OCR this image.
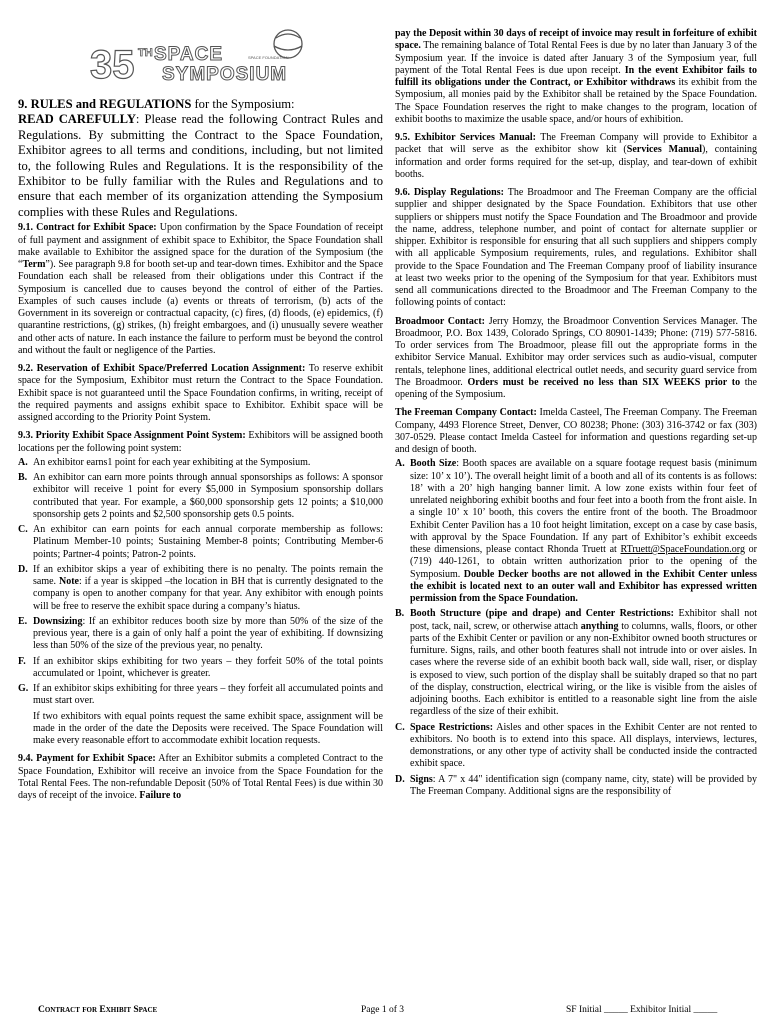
35 TH SPACE
SYMPOSIUM
SPACE FOUNDATION

9. RULES and REGULATIONS for the Symposium:
READ CAREFULLY: Please read the following Contract Rules and Regulations. By submitting the Contract to the Space Foundation, Exhibitor agrees to all terms and conditions, including, but not limited to, the following Rules and Regulations. It is the responsibility of the Exhibitor to be fully familiar with the Rules and Regulations and to ensure that each member of its organization attending the Symposium complies with these Rules and Regulations.

9.1. Contract for Exhibit Space: Upon confirmation by the Space Foundation of receipt of full payment and assignment of exhibit space to Exhibitor, the Space Foundation shall make available to Exhibitor the assigned space for the duration of the Symposium (the “Term”). See paragraph 9.8 for booth set-up and tear-down times. Exhibitor and the Space Foundation each shall be released from their obligations under this Contract if the Symposium is cancelled due to causes beyond the control of either of the Parties. Examples of such causes include (a) events or threats of terrorism, (b) acts of the Government in its sovereign or contractual capacity, (c) fires, (d) floods, (e) epidemics, (f) quarantine restrictions, (g) strikes, (h) freight embargoes, and (i) unusually severe weather and other acts of nature. In each instance the failure to perform must be beyond the control and without the fault or negligence of the Parties.

9.2. Reservation of Exhibit Space/Preferred Location Assignment: To reserve exhibit space for the Symposium, Exhibitor must return the Contract to the Space Foundation. Exhibit space is not guaranteed until the Space Foundation confirms, in writing, receipt of the required payments and assigns exhibit space to Exhibitor. Exhibit space will be assigned according to the Priority Point System.

9.3. Priority Exhibit Space Assignment Point System: Exhibitors will be assigned booth locations per the following point system:

A. An exhibitor earns1 point for each year exhibiting at the Symposium.
B. An exhibitor can earn more points through annual sponsorships as follows: A sponsor exhibitor will receive 1 point for every $5,000 in Symposium sponsorship dollars contributed that year. For example, a $60,000 sponsorship gets 12 points; a $10,000 sponsorship gets 2 points and $2,500 sponsorship gets 0.5 points.
C. An exhibitor can earn points for each annual corporate membership as follows: Platinum Member-10 points; Sustaining Member-8 points; Contributing Member-6 points; Partner-4 points; Patron-2 points.
D. If an exhibitor skips a year of exhibiting there is no penalty. The points remain the same. Note: if a year is skipped –the location in BH that is currently designated to the company is open to another company for that year. Any exhibitor with enough points will be free to reserve the exhibit space during a company’s hiatus.
E. Downsizing: If an exhibitor reduces booth size by more than 50% of the size of the previous year, there is a gain of only half a point the year of exhibiting. If downsizing less than 50% of the size of the previous year, no penalty.
F. If an exhibitor skips exhibiting for two years – they forfeit 50% of the total points accumulated or 1point, whichever is greater.
G. If an exhibitor skips exhibiting for three years – they forfeit all accumulated points and must start over.

If two exhibitors with equal points request the same exhibit space, assignment will be made in the order of the date the Deposits were received. The Space Foundation will make every reasonable effort to accommodate exhibit location requests.

9.4. Payment for Exhibit Space: After an Exhibitor submits a completed Contract to the Space Foundation, Exhibitor will receive an invoice from the Space Foundation for the Total Rental Fees. The non-refundable Deposit (50% of Total Rental Fees) is due within 30 days of receipt of the invoice. Failure to

pay the Deposit within 30 days of receipt of invoice may result in forfeiture of exhibit space. The remaining balance of Total Rental Fees is due by no later than January 3 of the Symposium year. If the invoice is dated after January 3 of the Symposium year, full payment of the Total Rental Fees is due upon receipt. In the event Exhibitor fails to fulfill its obligations under the Contract, or Exhibitor withdraws its exhibit from the Symposium, all monies paid by the Exhibitor shall be retained by the Space Foundation. The Space Foundation reserves the right to make changes to the program, location of exhibit booths to maximize the usable space, and/or hours of exhibition.

9.5. Exhibitor Services Manual: The Freeman Company will provide to Exhibitor a packet that will serve as the exhibitor show kit (Services Manual), containing information and order forms required for the set-up, display, and tear-down of exhibit booths.

9.6. Display Regulations: The Broadmoor and The Freeman Company are the official supplier and shipper designated by the Space Foundation. Exhibitors that use other suppliers or shippers must notify the Space Foundation and The Broadmoor and provide the name, address, telephone number, and point of contact for alternate supplier or shipper. Exhibitor is responsible for ensuring that all such suppliers and shippers comply with all applicable Symposium requirements, rules, and regulations. Exhibitor shall provide to the Space Foundation and The Freeman Company proof of liability insurance at least two weeks prior to the opening of the Symposium for that year. Exhibitors must send all communications directed to the Broadmoor and The Freeman Company to the following points of contact:

Broadmoor Contact: Jerry Homzy, the Broadmoor Convention Services Manager. The Broadmoor, P.O. Box 1439, Colorado Springs, CO 80901-1439; Phone: (719) 577-5816. To order services from The Broadmoor, please fill out the appropriate forms in the exhibitor Service Manual. Exhibitor may order services such as audio-visual, computer rentals, telephone lines, additional electrical outlet needs, and security guard service from The Broadmoor. Orders must be received no less than SIX WEEKS prior to the opening of the Symposium.

The Freeman Company Contact: Imelda Casteel, The Freeman Company. The Freeman Company, 4493 Florence Street, Denver, CO 80238; Phone: (303) 316-3742 or fax (303) 307-0529. Please contact Imelda Casteel for information and questions regarding set-up and design of booth.

A. Booth Size: Booth spaces are available on a square footage request basis (minimum size: 10’ x 10’). The overall height limit of a booth and all of its contents is as follows: 18’ with a 20’ high hanging banner limit. A low zone exists within four feet of unrelated neighboring exhibit booths and four feet into a booth from the front aisle. In a single 10’ x 10’ booth, this covers the entire front of the booth. The Broadmoor Exhibit Center Pavilion has a 10 foot height limitation, except on a case by case basis, with approval by the Space Foundation. If any part of Exhibitor’s exhibit exceeds these dimensions, please contact Rhonda Truett at RTruett@SpaceFoundation.org or (719) 440-1261, to obtain written authorization prior to the opening of the Symposium. Double Decker booths are not allowed in the Exhibit Center unless the exhibit is located next to an outer wall and Exhibitor has expressed written permission from the Space Foundation.
B. Booth Structure (pipe and drape) and Center Restrictions: Exhibitor shall not post, tack, nail, screw, or otherwise attach anything to columns, walls, floors, or other parts of the Exhibit Center or pavilion or any non-Exhibitor owned booth structures or furniture. Signs, rails, and other booth features shall not intrude into or over aisles. In cases where the reverse side of an exhibit booth back wall, side wall, riser, or display is exposed to view, such portion of the display shall be suitably draped so that no part of the display, construction, electrical wiring, or the like is visible from the aisles of adjoining booths. Each exhibitor is entitled to a reasonable sight line from the aisle regardless of the size of their exhibit.
C. Space Restrictions: Aisles and other spaces in the Exhibit Center are not rented to exhibitors. No booth is to extend into this space. All displays, interviews, lectures, demonstrations, or any other type of activity shall be conducted inside the contracted exhibit space.
D. Signs: A 7" x 44" identification sign (company name, city, state) will be provided by The Freeman Company. Additional signs are the responsibility of
Contract for Exhibit Space	Page 1 of 3	SF Initial _____ Exhibitor Initial _____
